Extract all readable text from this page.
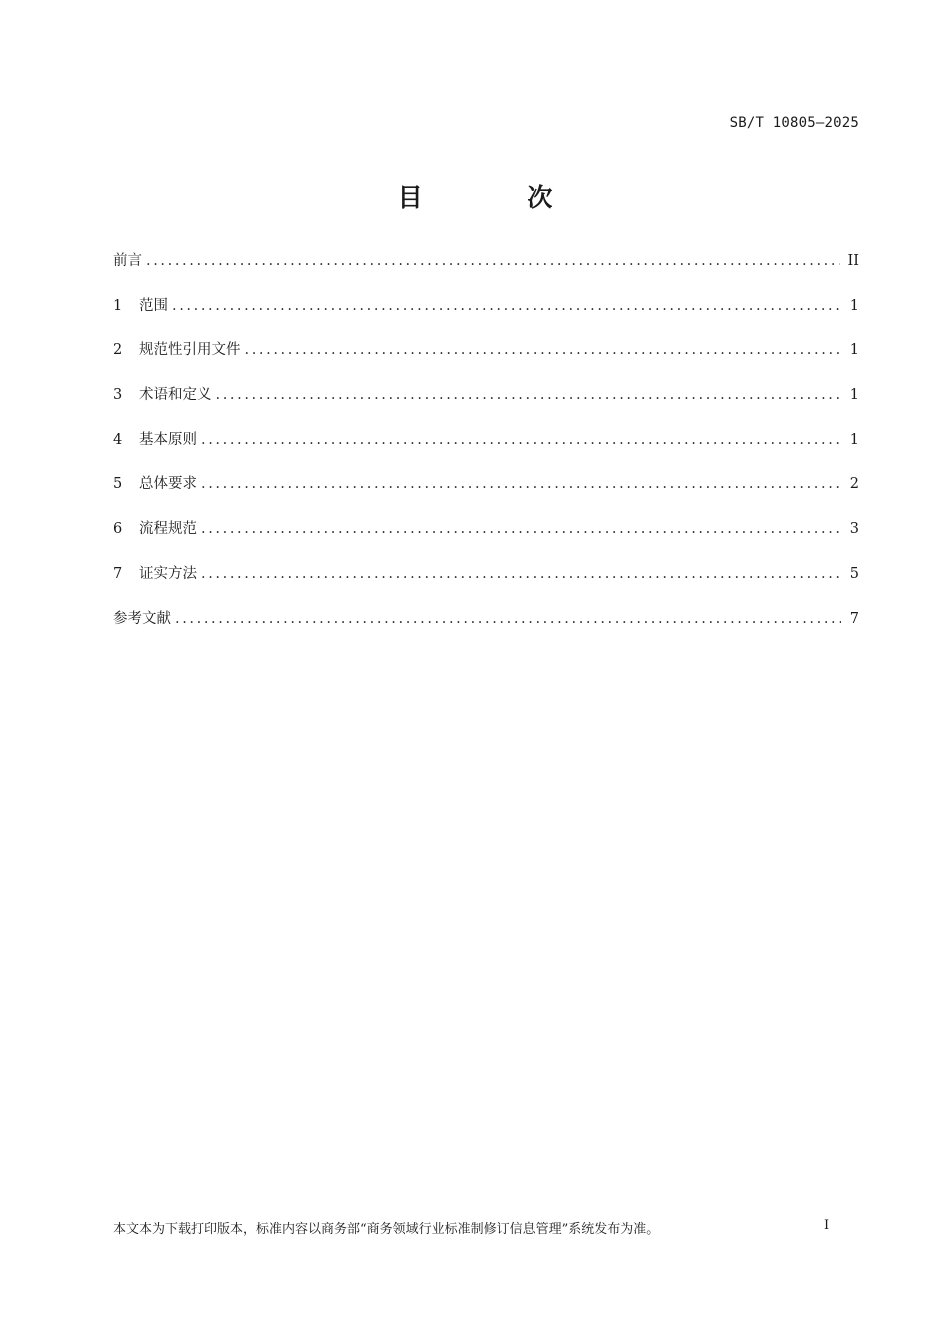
SB/T 10805—2025
目 次
前言 .....	II
1	范围 .....	1
2	规范性引用文件 .....	1
3	术语和定义 .....	1
4	基本原则 .....	1
5	总体要求 .....	2
6	流程规范 .....	3
7	证实方法 .....	5
参考文献 .....	7
本文本为下载打印版本，标准内容以商务部“商务领域行业标准制修订信息管理”系统发布为准。	I
